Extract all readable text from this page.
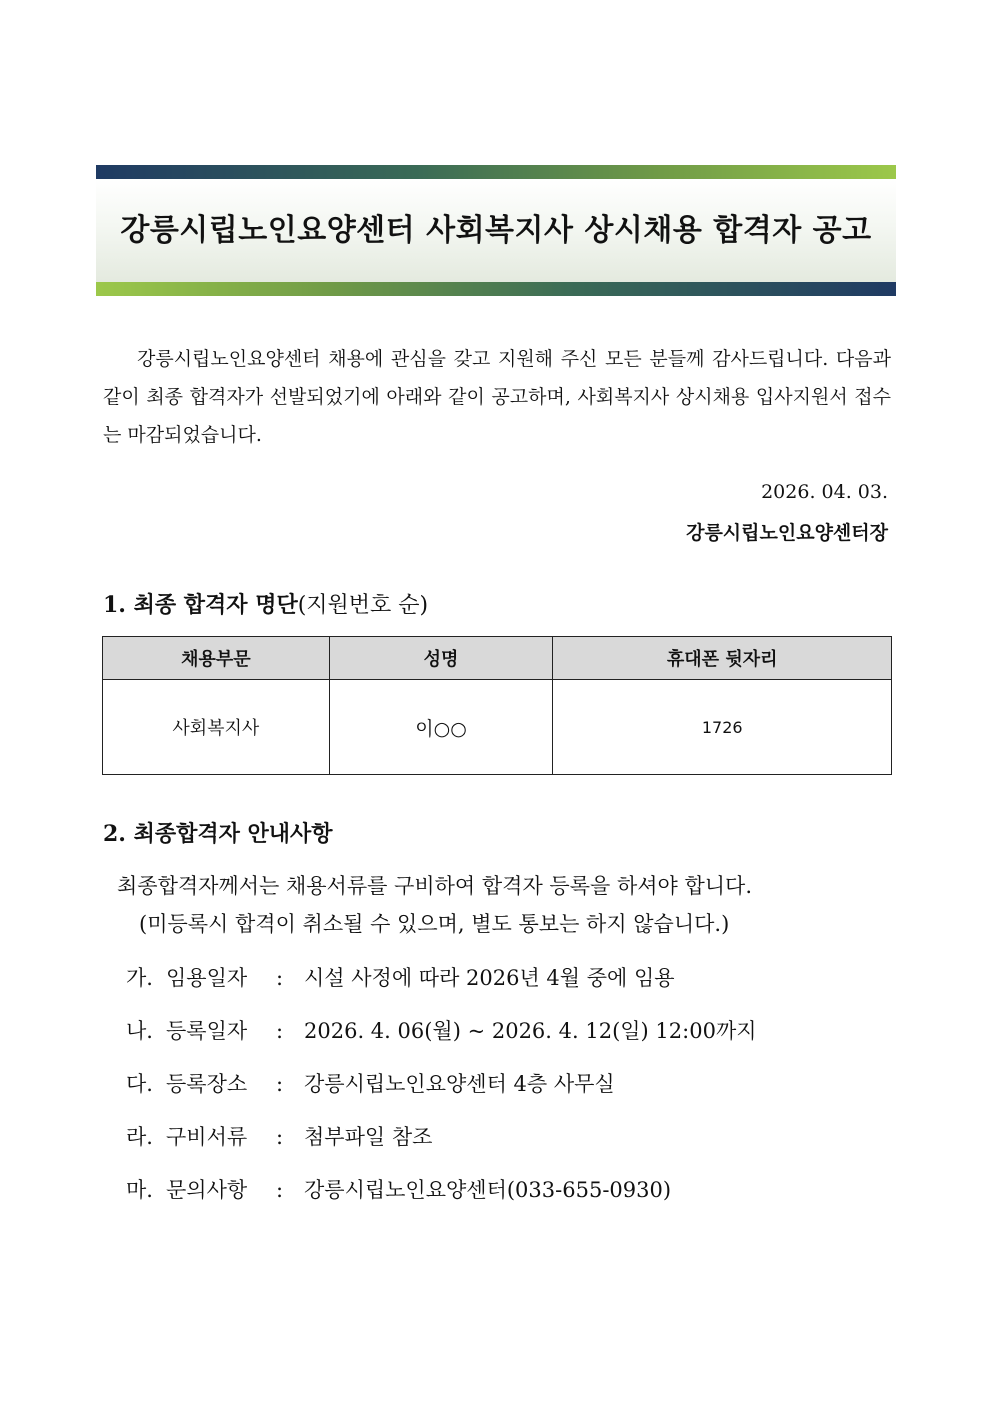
강릉시립노인요양센터 사회복지사 상시채용 합격자 공고

강릉시립노인요양센터 채용에 관심을 갖고 지원해 주신 모든 분들께 감사드립니다. 다음과 같이 최종 합격자가 선발되었기에 아래와 같이 공고하며, 사회복지사 상시채용 입사지원서 접수는 마감되었습니다.

2026. 04. 03.
강릉시립노인요양센터장
1. 최종 합격자 명단(지원번호 순)
채용부문	성명	휴대폰 뒷자리
사회복지사	이○○	1726
2. 최종합격자 안내사항
최종합격자께서는 채용서류를 구비하여 합격자 등록을 하셔야 합니다.
(미등록시 합격이 취소될 수 있으며, 별도 통보는 하지 않습니다.)
가. 임용일자 : 시설 사정에 따라 2026년 4월 중에 임용
나. 등록일자 : 2026. 4. 06(월) ~ 2026. 4. 12(일) 12:00까지
다. 등록장소 : 강릉시립노인요양센터 4층 사무실
라. 구비서류 : 첨부파일 참조
마. 문의사항 : 강릉시립노인요양센터(033-655-0930)
